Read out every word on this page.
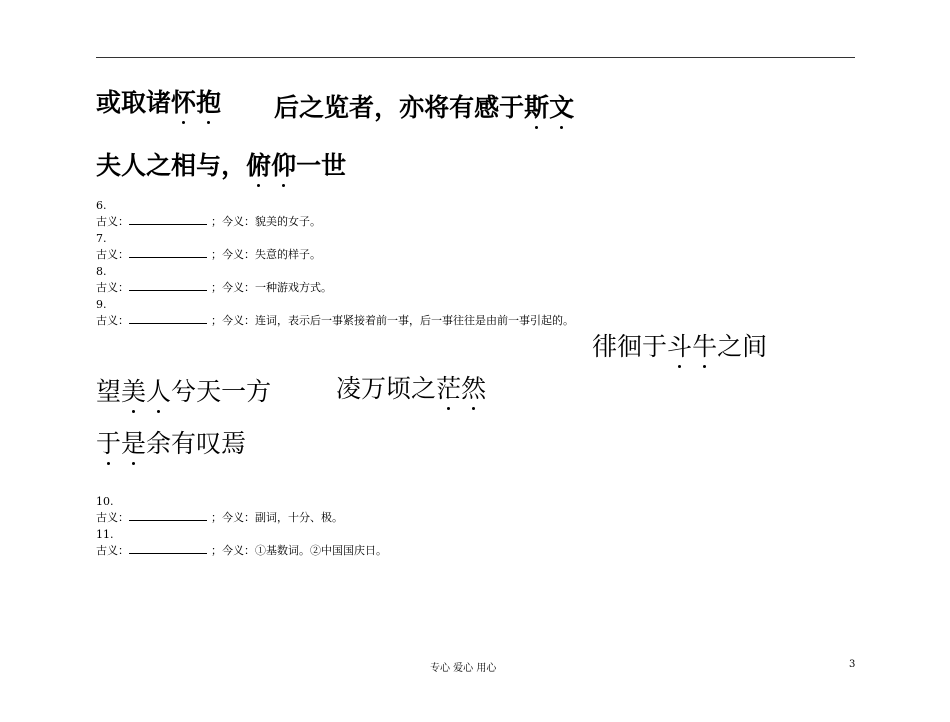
或取诸怀抱 后之览者，亦将有感于斯文
夫人之相与，俯仰一世
6.
古义：	；今义：貌美的女子。
7.
古义：	；今义：失意的样子。
8.
古义：	；今义：一种游戏方式。
9.
古义：	；今义：连词，表示后一事紧接着前一事，后一事往往是由前一事引起的。
徘徊于斗牛之间
望美人兮天一方	凌万顷之茫然
于是余有叹焉
10.
古义：	；今义：副词，十分、极。
11.
古义：	；今义：①基数词。②中国国庆日。
专心 爱心 用心	3
